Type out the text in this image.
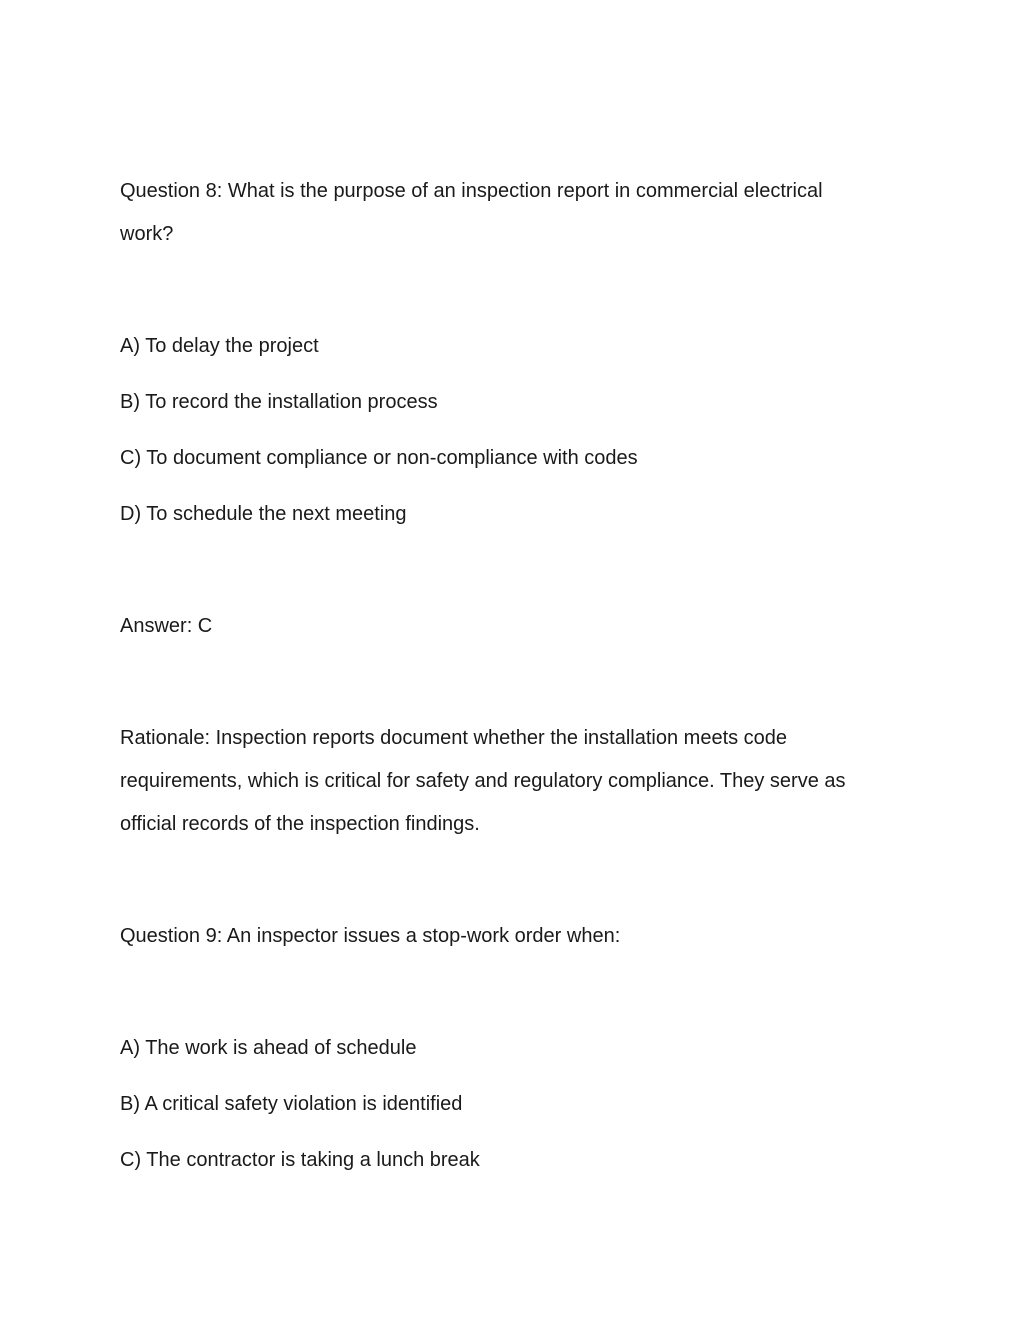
Question 8: What is the purpose of an inspection report in commercial electrical
work?
A) To delay the project
B) To record the installation process
C) To document compliance or non-compliance with codes
D) To schedule the next meeting
Answer: C
Rationale: Inspection reports document whether the installation meets code
requirements, which is critical for safety and regulatory compliance. They serve as
official records of the inspection findings.
Question 9: An inspector issues a stop-work order when:
A) The work is ahead of schedule
B) A critical safety violation is identified
C) The contractor is taking a lunch break
